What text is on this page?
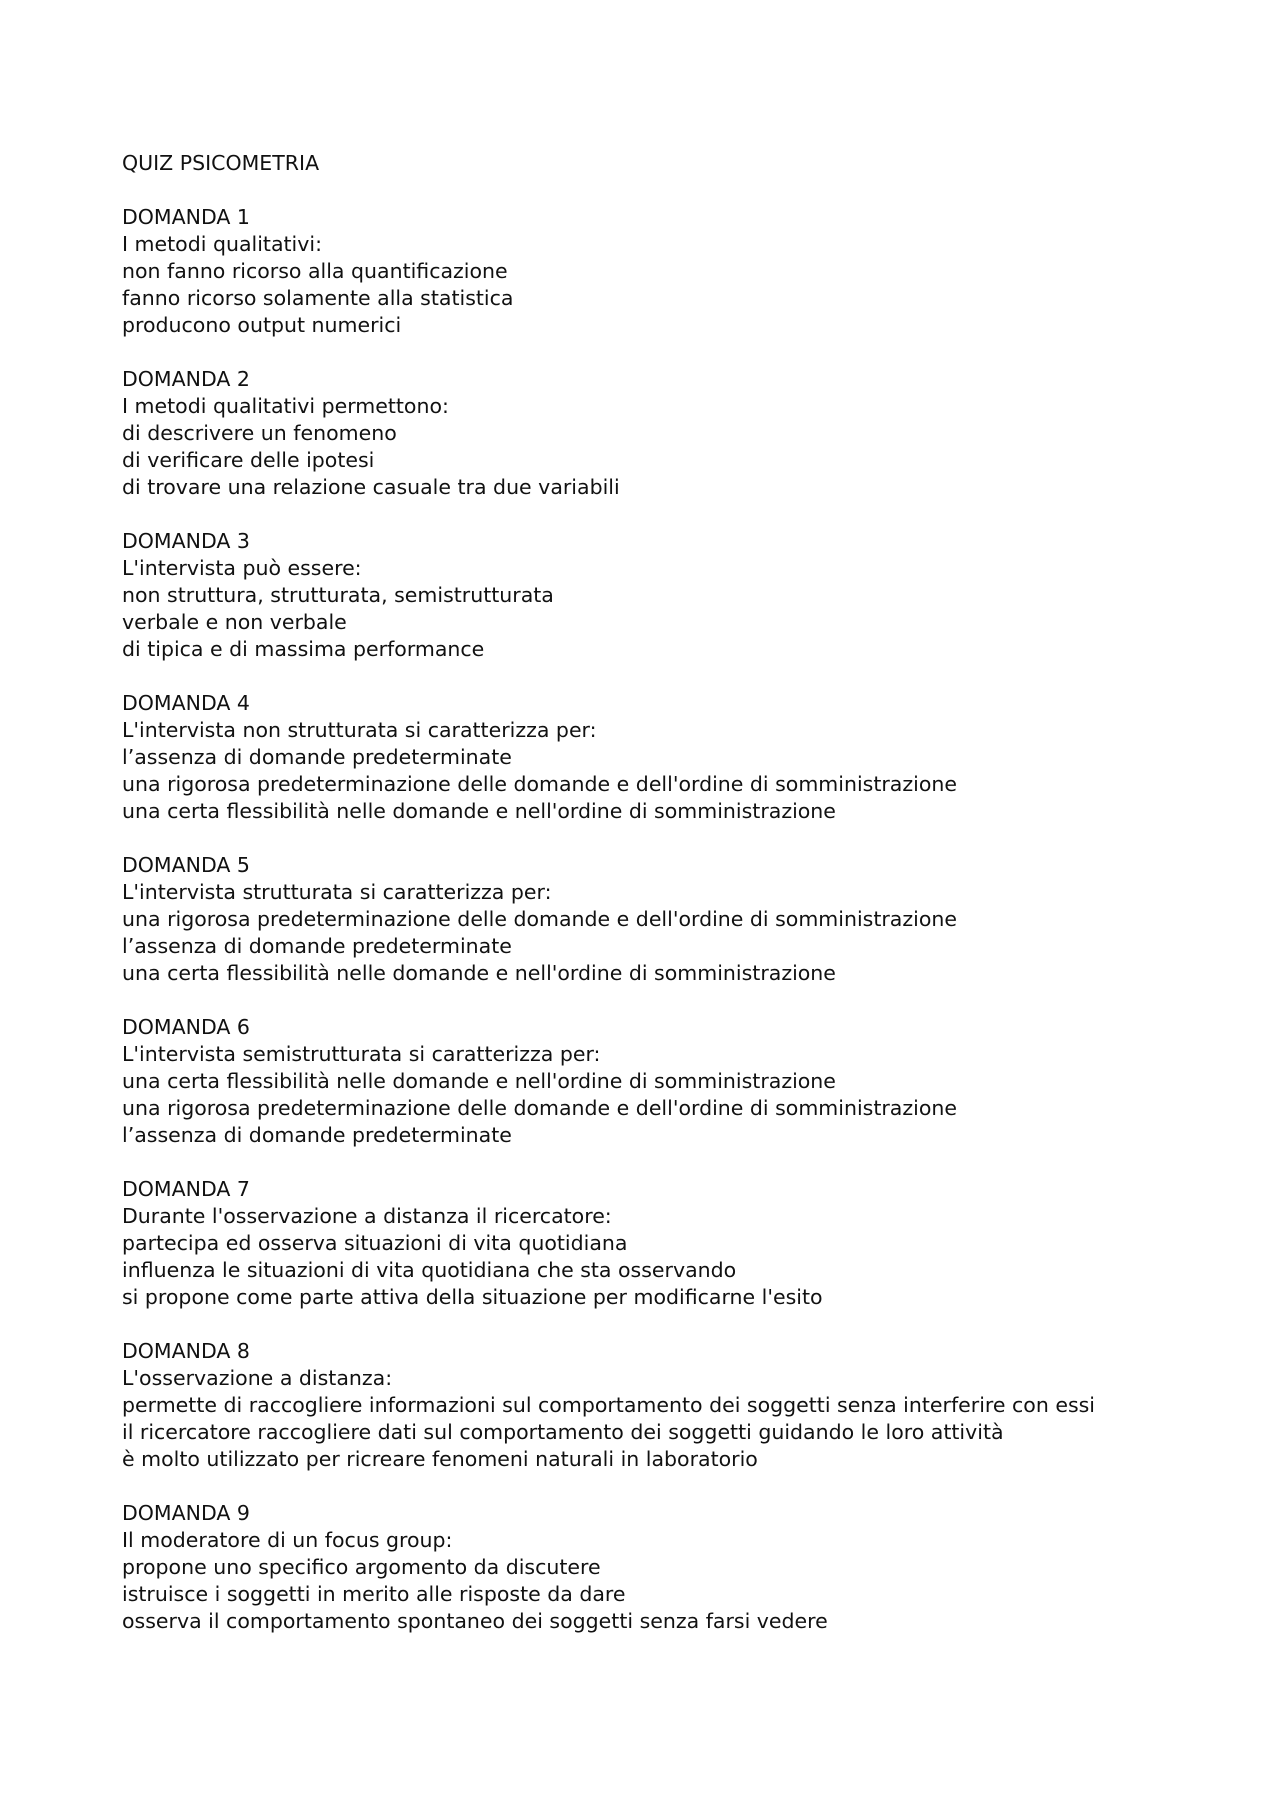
QUIZ PSICOMETRIA
DOMANDA 1
I metodi qualitativi:
non fanno ricorso alla quantificazione
fanno ricorso solamente alla statistica
producono output numerici
DOMANDA 2
I metodi qualitativi permettono:
di descrivere un fenomeno
di verificare delle ipotesi
di trovare una relazione casuale tra due variabili
DOMANDA 3
L'intervista può essere:
non struttura, strutturata, semistrutturata
verbale e non verbale
di tipica e di massima performance
DOMANDA 4
L'intervista non strutturata si caratterizza per:
l’assenza di domande predeterminate
una rigorosa predeterminazione delle domande e dell'ordine di somministrazione
una certa flessibilità nelle domande e nell'ordine di somministrazione
DOMANDA 5
L'intervista strutturata si caratterizza per:
una rigorosa predeterminazione delle domande e dell'ordine di somministrazione
l’assenza di domande predeterminate
una certa flessibilità nelle domande e nell'ordine di somministrazione
DOMANDA 6
L'intervista semistrutturata si caratterizza per:
una certa flessibilità nelle domande e nell'ordine di somministrazione
una rigorosa predeterminazione delle domande e dell'ordine di somministrazione
l’assenza di domande predeterminate
DOMANDA 7
Durante l'osservazione a distanza il ricercatore:
partecipa ed osserva situazioni di vita quotidiana
influenza le situazioni di vita quotidiana che sta osservando
si propone come parte attiva della situazione per modificarne l'esito
DOMANDA 8
L'osservazione a distanza:
permette di raccogliere informazioni sul comportamento dei soggetti senza interferire con essi
il ricercatore raccogliere dati sul comportamento dei soggetti guidando le loro attività
è molto utilizzato per ricreare fenomeni naturali in laboratorio
DOMANDA 9
Il moderatore di un focus group:
propone uno specifico argomento da discutere
istruisce i soggetti in merito alle risposte da dare
osserva il comportamento spontaneo dei soggetti senza farsi vedere
